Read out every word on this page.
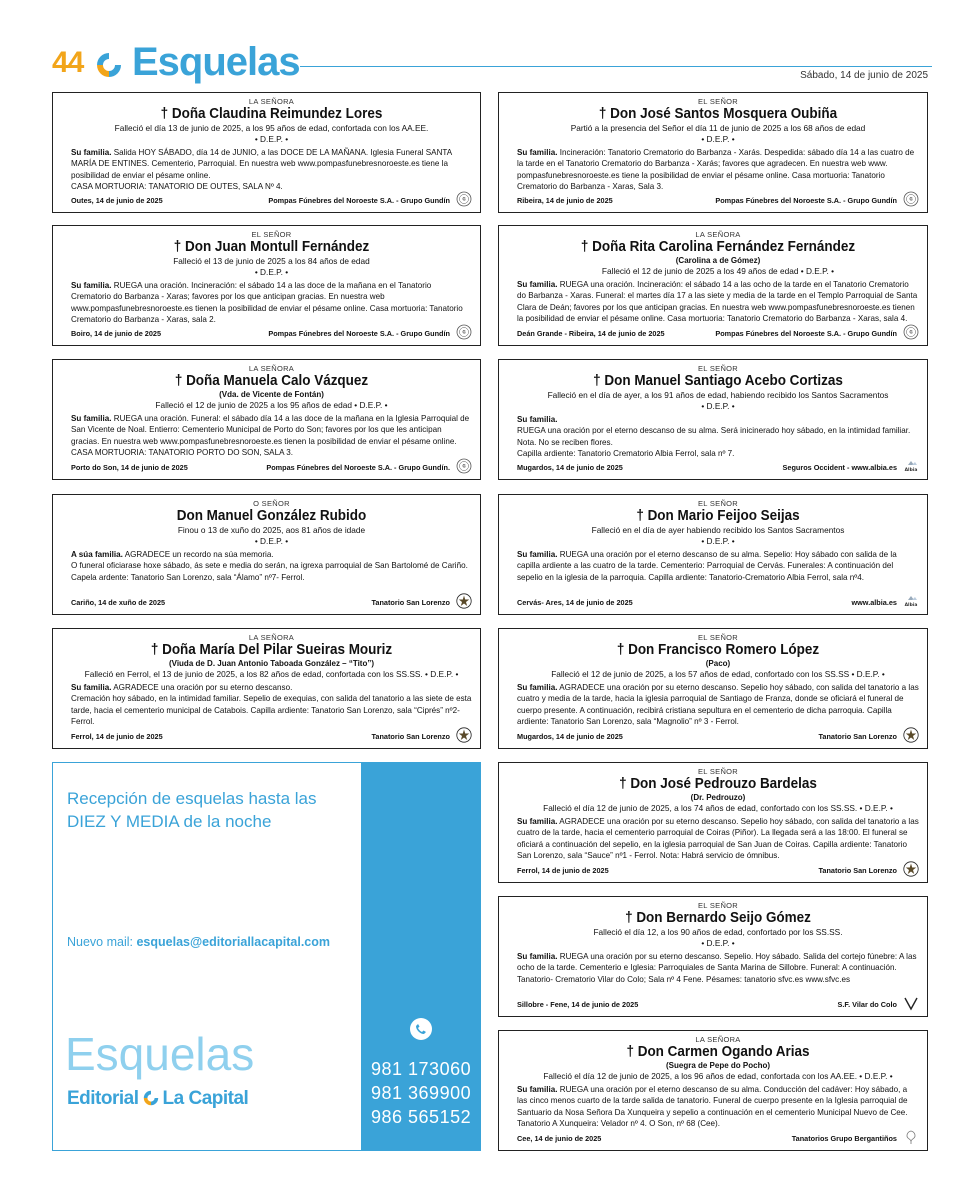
44 Esquelas	Sábado, 14 de junio de 2025
LA SEÑORA
† Doña Claudina Reimundez Lores
Falleció el día 13 de junio de 2025, a los 95 años de edad, confortada con los AA.EE.
• D.E.P. •
Su familia. Salida HOY SÁBADO, día 14 de JUNIO, a las DOCE DE LA MAÑANA. Iglesia Funeral SANTA MARÍA DE ENTINES. Cementerio, Parroquial. En nuestra web www.pompasfunebresnoroeste.es tiene la posibilidad de enviar el pésame online.
CASA MORTUORIA: TANATORIO DE OUTES, SALA Nº 4.
Outes, 14 de junio de 2025	Pompas Fúnebres del Noroeste S.A. - Grupo Gundín	G
EL SEÑOR
† Don José Santos Mosquera Oubiña
Partió a la presencia del Señor el día 11 de junio de 2025 a los 68 años de edad
• D.E.P. •
Su familia. Incineración: Tanatorio Crematorio do Barbanza - Xarás. Despedida: sábado día 14 a las cuatro de la tarde en el Tanatorio Crematorio do Barbanza - Xarás; favores que agradecen. En nuestra web www. pompasfunebresnoroeste.es tiene la posibilidad de enviar el pésame online. Casa mortuoria: Tanatorio Crematorio do Barbanza - Xaras, Sala 3.
Ribeira, 14 de junio de 2025	Pompas Fúnebres del Noroeste S.A. - Grupo Gundín	G
EL SEÑOR
† Don Juan Montull Fernández
Falleció el 13 de junio de 2025 a los 84 años de edad
• D.E.P. •
Su familia. RUEGA una oración. Incineración: el sábado 14 a las doce de la mañana en el Tanatorio Crematorio do Barbanza - Xaras; favores por los que anticipan gracias. En nuestra web www.pompasfunebresnoroeste.es tienen la posibilidad de enviar el pésame online. Casa mortuoria: Tanatorio Crematorio do Barbanza - Xaras, sala 2.
Boiro, 14 de junio de 2025	Pompas Fúnebres del Noroeste S.A. - Grupo Gundín	G
LA SEÑORA
† Doña Rita Carolina Fernández Fernández
(Carolina a de Gómez)
Falleció el 12 de junio de 2025 a los 49 años de edad • D.E.P. •
Su familia. RUEGA una oración. Incineración: el sábado 14 a las ocho de la tarde en el Tanatorio Crematorio do Barbanza - Xaras. Funeral: el martes día 17 a las siete y media de la tarde en el Templo Parroquial de Santa Clara de Deán; favores por los que anticipan gracias. En nuestra web www.pompasfunebresnoroeste.es tienen la posibilidad de enviar el pésame online. Casa mortuoria: Tanatorio Crematorio do Barbanza - Xaras, sala 4.
Deán Grande - Ribeira, 14 de junio de 2025	Pompas Fúnebres del Noroeste S.A. - Grupo Gundín	G
LA SEÑORA
† Doña Manuela Calo Vázquez
(Vda. de Vicente de Fontán)
Falleció el 12 de junio de 2025 a los 95 años de edad • D.E.P. •
Su familia. RUEGA una oración. Funeral: el sábado día 14 a las doce de la mañana en la Iglesia Parroquial de San Vicente de Noal. Entierro: Cementerio Municipal de Porto do Son; favores por los que les anticipan gracias. En nuestra web www.pompasfunebresnoroeste.es tienen la posibilidad de enviar el pésame online. CASA MORTUORIA: TANATORIO PORTO DO SON, SALA 3.
Porto do Son, 14 de junio de 2025	Pompas Fúnebres del Noroeste S.A. - Grupo Gundín.	G
EL SEÑOR
† Don Manuel Santiago Acebo Cortizas
Falleció en el día de ayer, a los 91 años de edad, habiendo recibido los Santos Sacramentos
• D.E.P. •
Su familia.
RUEGA una oración por el eterno descanso de su alma. Será inicinerado hoy sábado, en la intimidad familiar.
Nota. No se reciben flores.
Capilla ardiente: Tanatorio Crematorio Albia Ferrol, sala nº 7.
Mugardos, 14 de junio de 2025	Seguros Occident - www.albia.es Albia
O SEÑOR
Don Manuel González Rubido
Finou o 13 de xuño do 2025, aos 81 años de idade
• D.E.P. •
A súa familia. AGRADECE un recordo na súa memoria.
O funeral oficiarase hoxe sábado, ás sete e media do serán, na igrexa parroquial de San Bartolomé de Cariño.
Capela ardente: Tanatorio San Lorenzo, sala “Álamo” nº7- Ferrol.
Cariño, 14 de xuño de 2025	Tanatorio San Lorenzo
EL SEÑOR
† Don Mario Feijoo Seijas
Falleció en el día de ayer habiendo recibido los Santos Sacramentos
• D.E.P. •
Su familia. RUEGA una oración por el eterno descanso de su alma. Sepelio: Hoy sábado con salida de la capilla ardiente a las cuatro de la tarde. Cementerio: Parroquial de Cervás. Funerales: A continuación del sepelio en la iglesia de la parroquia. Capilla ardiente: Tanatorio-Crematorio Albia Ferrol, sala nº4.
Cervás- Ares, 14 de junio de 2025	www.albia.es Albia
LA SEÑORA
† Doña María Del Pilar Sueiras Mouriz
(Viuda de D. Juan Antonio Taboada González – “Tito”)
Falleció en Ferrol, el 13 de junio de 2025, a los 82 años de edad, confortada con los SS.SS. • D.E.P. •
Su familia. AGRADECE una oración por su eterno descanso.
Cremación hoy sábado, en la intimidad familiar. Sepelio de exequias, con salida del tanatorio a las siete de esta tarde, hacia el cementerio municipal de Catabois. Capilla ardiente: Tanatorio San Lorenzo, sala “Ciprés” nº2- Ferrol.
Ferrol, 14 de junio de 2025	Tanatorio San Lorenzo
EL SEÑOR
† Don Francisco Romero López
(Paco)
Falleció el 12 de junio de 2025, a los 57 años de edad, confortado con los SS.SS • D.E.P. •
Su familia. AGRADECE una oración por su eterno descanso. Sepelio hoy sábado, con salida del tanatorio a las cuatro y media de la tarde, hacia la iglesia parroquial de Santiago de Franza, donde se oficiará el funeral de cuerpo presente. A continuación, recibirá cristiana sepultura en el cementerio de dicha parroquia. Capilla ardiente: Tanatorio San Lorenzo, sala “Magnolio” nº 3 - Ferrol.
Mugardos, 14 de junio de 2025	Tanatorio San Lorenzo
EL SEÑOR
† Don José Pedrouzo Bardelas
(Dr. Pedrouzo)
Falleció el día 12 de junio de 2025, a los 74 años de edad, confortado con los SS.SS. • D.E.P. •
Su familia. AGRADECE una oración por su eterno descanso. Sepelio hoy sábado, con salida del tanatorio a las cuatro de la tarde, hacia el cementerio parroquial de Coiras (Piñor). La llegada será a las 18:00. El funeral se oficiará a continuación del sepelio, en la iglesia parroquial de San Juan de Coiras. Capilla ardiente: Tanatorio San Lorenzo, sala “Sauce” nº1 - Ferrol. Nota: Habrá servicio de ómnibus.
Ferrol, 14 de junio de 2025	Tanatorio San Lorenzo
EL SEÑOR
† Don Bernardo Seijo Gómez
Falleció el día 12, a los 90 años de edad, confortado por los SS.SS.
• D.E.P. •
Su familia. RUEGA una oración por su eterno descanso. Sepelio. Hoy sábado. Salida del cortejo fúnebre: A las ocho de la tarde. Cementerio e Iglesia: Parroquiales de Santa Marina de Sillobre. Funeral: A continuación. Tanatorio- Crematorio Vilar do Colo; Sala nº 4 Fene. Pésames: tanatorio sfvc.es www.sfvc.es
Sillobre - Fene, 14 de junio de 2025	S.F. Vilar do Colo
LA SEÑORA
† Don Carmen Ogando Arias
(Suegra de Pepe do Pocho)
Falleció el día 12 de junio de 2025, a los 96 años de edad, confortada con los AA.EE. • D.E.P. •
Su familia. RUEGA una oración por el eterno descanso de su alma. Conducción del cadáver: Hoy sábado, a las cinco menos cuarto de la tarde salida de tanatorio. Funeral de cuerpo presente en la Iglesia parroquial de Santuario da Nosa Señora Da Xunqueira y sepelio a continuación en el cementerio Municipal Nuevo de Cee. Tanatorio A Xunqueira: Velador nº 4. O Son, nº 68 (Cee).
Cee, 14 de junio de 2025	Tanatorios Grupo Bergantiños
Recepción de esquelas hasta las DIEZ Y MEDIA de la noche
Nuevo mail: esquelas@editoriallacapital.com
Esquelas
Editorial La Capital
981 173060
981 369900
986 565152
